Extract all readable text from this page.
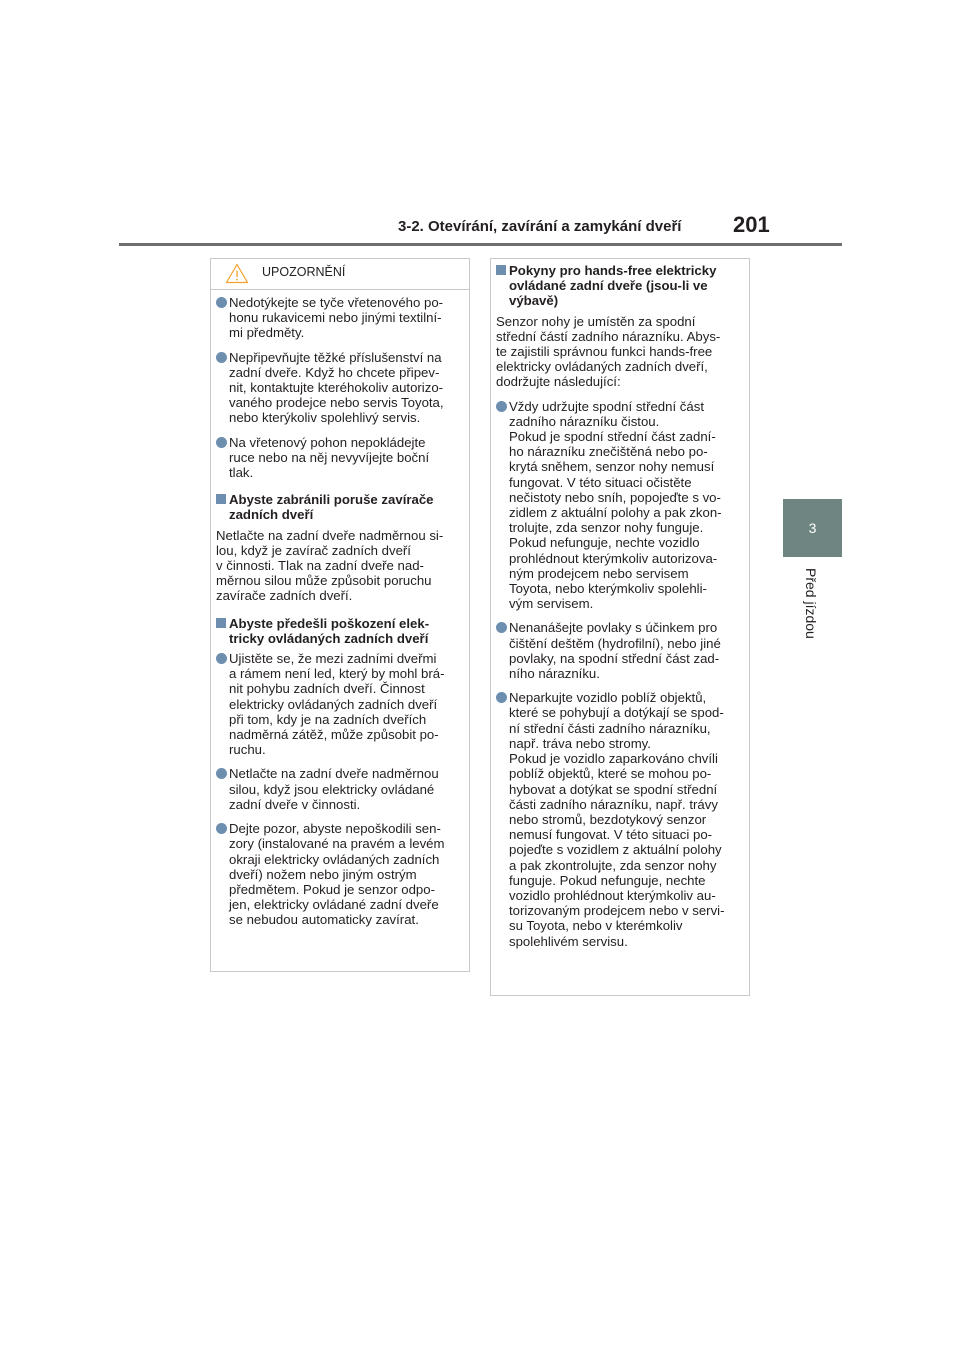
3-2. Otevírání, zavírání a zamykání dveří	201
3
Před jízdou
UPOZORNĚNÍ
Nedotýkejte se tyče vřetenového po-
honu rukavicemi nebo jinými textilní-
mi předměty.
Nepřipevňujte těžké příslušenství na
zadní dveře. Když ho chcete připev-
nit, kontaktujte kteréhokoliv autorizo-
vaného prodejce nebo servis Toyota,
nebo kterýkoliv spolehlivý servis.
Na vřetenový pohon nepokládejte
ruce nebo na něj nevyvíjejte boční
tlak.
Abyste zabránili poruše zavírače
zadních dveří
Netlačte na zadní dveře nadměrnou si-
lou, když je zavírač zadních dveří
v činnosti. Tlak na zadní dveře nad-
měrnou silou může způsobit poruchu
zavírače zadních dveří.
Abyste předešli poškození elek-
tricky ovládaných zadních dveří
Ujistěte se, že mezi zadními dveřmi
a rámem není led, který by mohl brá-
nit pohybu zadních dveří. Činnost
elektricky ovládaných zadních dveří
při tom, kdy je na zadních dveřích
nadměrná zátěž, může způsobit po-
ruchu.
Netlačte na zadní dveře nadměrnou
silou, když jsou elektricky ovládané
zadní dveře v činnosti.
Dejte pozor, abyste nepoškodili sen-
zory (instalované na pravém a levém
okraji elektricky ovládaných zadních
dveří) nožem nebo jiným ostrým
předmětem. Pokud je senzor odpo-
jen, elektricky ovládané zadní dveře
se nebudou automaticky zavírat.
Pokyny pro hands-free elektricky
ovládané zadní dveře (jsou-li ve
výbavě)
Senzor nohy je umístěn za spodní
střední částí zadního nárazníku. Abys-
te zajistili správnou funkci hands-free
elektricky ovládaných zadních dveří,
dodržujte následující:
Vždy udržujte spodní střední část
zadního nárazníku čistou.
Pokud je spodní střední část zadní-
ho nárazníku znečištěná nebo po-
krytá sněhem, senzor nohy nemusí
fungovat. V této situaci očistěte
nečistoty nebo sníh, popojeďte s vo-
zidlem z aktuální polohy a pak zkon-
trolujte, zda senzor nohy funguje.
Pokud nefunguje, nechte vozidlo
prohlédnout kterýmkoliv autorizova-
ným prodejcem nebo servisem
Toyota, nebo kterýmkoliv spolehli-
vým servisem.
Nenanášejte povlaky s účinkem pro
čištění deštěm (hydrofilní), nebo jiné
povlaky, na spodní střední část zad-
ního nárazníku.
Neparkujte vozidlo poblíž objektů,
které se pohybují a dotýkají se spod-
ní střední části zadního nárazníku,
např. tráva nebo stromy.
Pokud je vozidlo zaparkováno chvíli
poblíž objektů, které se mohou po-
hybovat a dotýkat se spodní střední
části zadního nárazníku, např. trávy
nebo stromů, bezdotykový senzor
nemusí fungovat. V této situaci po-
pojeďte s vozidlem z aktuální polohy
a pak zkontrolujte, zda senzor nohy
funguje. Pokud nefunguje, nechte
vozidlo prohlédnout kterýmkoliv au-
torizovaným prodejcem nebo v servi-
su Toyota, nebo v kterémkoliv
spolehlivém servisu.
